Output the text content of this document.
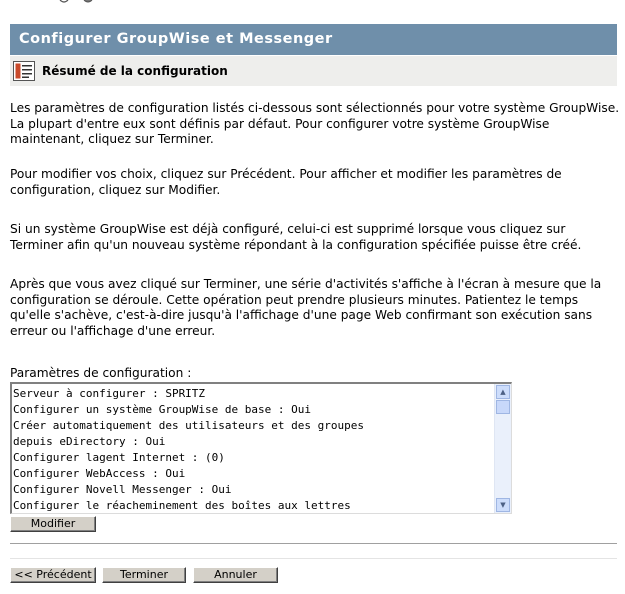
Configurer GroupWise et Messenger
Résumé de la configuration

Les paramètres de configuration listés ci-dessous sont sélectionnés pour votre système GroupWise. La plupart d'entre eux sont définis par défaut. Pour configurer votre système GroupWise maintenant, cliquez sur Terminer.

Pour modifier vos choix, cliquez sur Précédent. Pour afficher et modifier les paramètres de configuration, cliquez sur Modifier.

Si un système GroupWise est déjà configuré, celui-ci est supprimé lorsque vous cliquez sur Terminer afin qu'un nouveau système répondant à la configuration spécifiée puisse être créé.

Après que vous avez cliqué sur Terminer, une série d'activités s'affiche à l'écran à mesure que la configuration se déroule. Cette opération peut prendre plusieurs minutes. Patientez le temps qu'elle s'achève, c'est-à-dire jusqu'à l'affichage d'une page Web confirmant son exécution sans erreur ou l'affichage d'une erreur.

Paramètres de configuration :
Serveur à configurer : SPRITZ
Configurer un système GroupWise de base : Oui
Créer automatiquement des utilisateurs et des groupes
depuis eDirectory : Oui
Configurer lagent Internet : (0)
Configurer WebAccess : Oui
Configurer Novell Messenger : Oui
Configurer le réacheminement des boîtes aux lettres
▲
▼
Modifier
<< Précédent	Terminer	Annuler
